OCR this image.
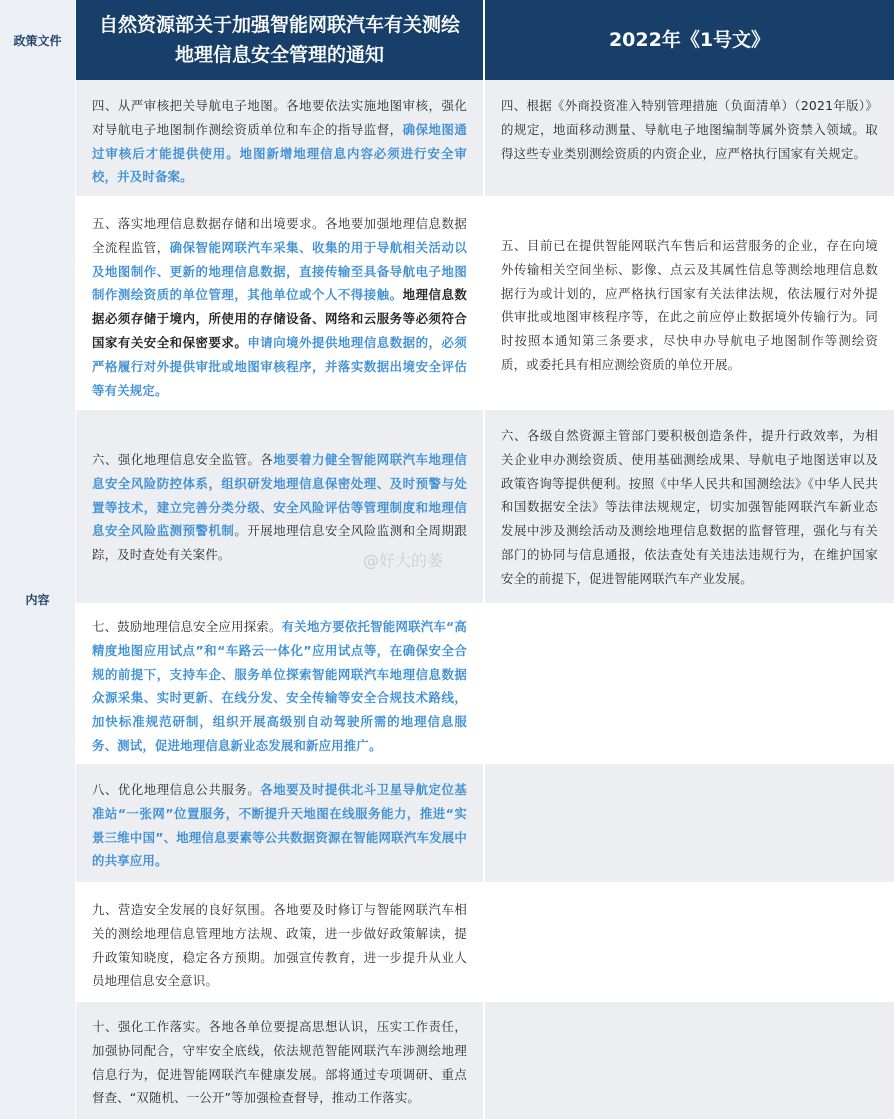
政策文件
自然资源部关于加强智能网联汽车有关测绘地理信息安全管理的通知
2022年《1号文》
内容
四、从严审核把关导航电子地图。各地要依法实施地图审核，强化对导航电子地图制作测绘资质单位和车企的指导监督，确保地图通过审核后才能提供使用。地图新增地理信息内容必须进行安全审校，并及时备案。
五、落实地理信息数据存储和出境要求。各地要加强地理信息数据全流程监管，确保智能网联汽车采集、收集的用于导航相关活动以及地图制作、更新的地理信息数据，直接传输至具备导航电子地图制作测绘资质的单位管理，其他单位或个人不得接触。地理信息数据必须存储于境内，所使用的存储设备、网络和云服务等必须符合国家有关安全和保密要求。申请向境外提供地理信息数据的，必须严格履行对外提供审批或地图审核程序，并落实数据出境安全评估等有关规定。
六、强化地理信息安全监管。各地要着力健全智能网联汽车地理信息安全风险防控体系，组织研发地理信息保密处理、及时预警与处置等技术，建立完善分类分级、安全风险评估等管理制度和地理信息安全风险监测预警机制。开展地理信息安全风险监测和全周期跟踪，及时查处有关案件。
七、鼓励地理信息安全应用探索。有关地方要依托智能网联汽车“高精度地图应用试点”和“车路云一体化”应用试点等，在确保安全合规的前提下，支持车企、服务单位探索智能网联汽车地理信息数据众源采集、实时更新、在线分发、安全传输等安全合规技术路线，加快标准规范研制，组织开展高级别自动驾驶所需的地理信息服务、测试，促进地理信息新业态发展和新应用推广。
八、优化地理信息公共服务。各地要及时提供北斗卫星导航定位基准站“一张网”位置服务，不断提升天地图在线服务能力，推进“实景三维中国”、地理信息要素等公共数据资源在智能网联汽车发展中的共享应用。
九、营造安全发展的良好氛围。各地要及时修订与智能网联汽车相关的测绘地理信息管理地方法规、政策，进一步做好政策解读，提升政策知晓度，稳定各方预期。加强宣传教育，进一步提升从业人员地理信息安全意识。
十、强化工作落实。各地各单位要提高思想认识，压实工作责任，加强协同配合，守牢安全底线，依法规范智能网联汽车涉测绘地理信息行为，促进智能网联汽车健康发展。部将通过专项调研、重点督查、“双随机、一公开”等加强检查督导，推动工作落实。
四、根据《外商投资准入特别管理措施（负面清单）（2021年版）》的规定，地面移动测量、导航电子地图编制等属外资禁入领域。取得这些专业类别测绘资质的内资企业，应严格执行国家有关规定。
五、目前已在提供智能网联汽车售后和运营服务的企业，存在向境外传输相关空间坐标、影像、点云及其属性信息等测绘地理信息数据行为或计划的，应严格执行国家有关法律法规，依法履行对外提供审批或地图审核程序等，在此之前应停止数据境外传输行为。同时按照本通知第三条要求，尽快申办导航电子地图制作等测绘资质，或委托具有相应测绘资质的单位开展。
六、各级自然资源主管部门要积极创造条件，提升行政效率，为相关企业申办测绘资质、使用基础测绘成果、导航电子地图送审以及政策咨询等提供便利。按照《中华人民共和国测绘法》《中华人民共和国数据安全法》等法律法规规定，切实加强智能网联汽车新业态发展中涉及测绘活动及测绘地理信息数据的监督管理，强化与有关部门的协同与信息通报，依法查处有关违法违规行为，在维护国家安全的前提下，促进智能网联汽车产业发展。
@好大的萎
